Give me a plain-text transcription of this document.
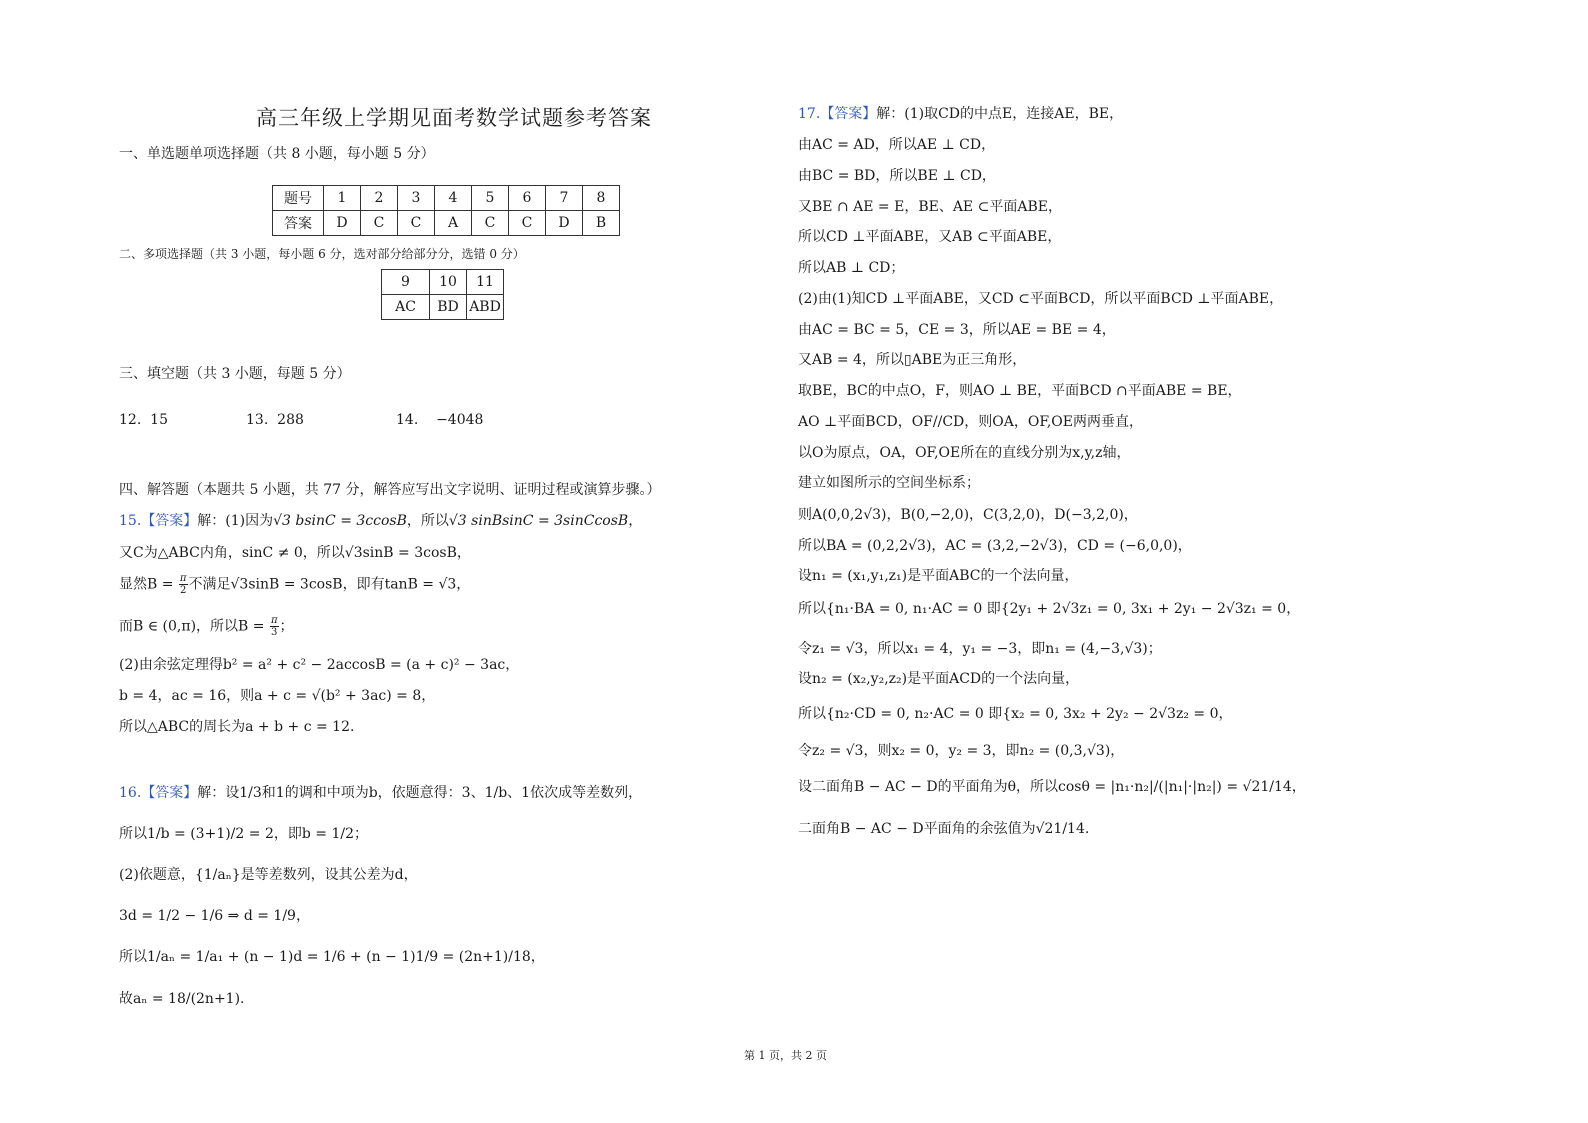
高三年级上学期见面考数学试题参考答案
一、单选题单项选择题（共 8 小题，每小题 5 分）
题号	1	2	3	4	5	6	7	8
答案	D	C	C	A	C	C	D	B
二、多项选择题（共 3 小题，每小题 6 分，选对部分给部分分，选错 0 分）
9	10	11
AC	BD	ABD
三、填空题（共 3 小题，每题 5 分）
12. 15	13. 288	14. −4048
四、解答题（本题共 5 小题，共 77 分，解答应写出文字说明、证明过程或演算步骤。）
15.【答案】解：(1)因为√3 bsinC = 3ccosB，所以√3 sinBsinC = 3sinCcosB，
又C为△ABC内角，sinC ≠ 0，所以√3sinB = 3cosB，
显然$B = \frac{\pi}{2}$ 不满足√3sinB = 3cosB，即有tanB = √3，
而B ∈ (0,π)，所以$B = \frac{\pi}{3}$ ；
(2)由余弦定理得b² = a² + c² − 2accosB = (a + c)² − 3ac，
b = 4，ac = 16，则a + c = √(b² + 3ac) = 8，
所以△ABC的周长为a + b + c = 12.
16.【答案】解：设1/3和1的调和中项为b，依题意得：3、1/b、1依次成等差数列，
所以1/b = (3+1)/2 = 2，即b = 1/2；
(2)依题意，{1/aₙ}是等差数列，设其公差为d，
3d = 1/2 − 1/6 ⇒ d = 1/9，
所以1/aₙ = 1/a₁ + (n − 1)d = 1/6 + (n − 1)1/9 = (2n+1)/18，
故aₙ = 18/(2n+1).
17.【答案】解：(1)取CD的中点E，连接AE，BE，
由AC = AD，所以AE ⊥ CD，
由BC = BD，所以BE ⊥ CD，
又BE ∩ AE = E，BE、AE ⊂平面ABE，
所以CD ⊥平面ABE，又AB ⊂平面ABE，
所以AB ⊥ CD；
(2)由(1)知CD ⊥平面ABE，又CD ⊂平面BCD，所以平面BCD ⊥平面ABE，
由AC = BC = 5，CE = 3，所以AE = BE = 4，
又AB = 4，所以▯ABE为正三角形，
取BE，BC的中点O，F，则AO ⊥ BE，平面BCD ∩平面ABE = BE，
AO ⊥平面BCD，OF//CD，则OA，OF,OE两两垂直，
以O为原点，OA，OF,OE所在的直线分别为x,y,z轴，
建立如图所示的空间坐标系；
则A(0,0,2√3)，B(0,−2,0)，C(3,2,0)，D(−3,2,0)，
所以BA = (0,2,2√3)，AC = (3,2,−2√3)，CD = (−6,0,0)，
设n₁ = (x₁,y₁,z₁)是平面ABC的一个法向量，
所以{n₁·BA = 0, n₁·AC = 0 即{2y₁ + 2√3z₁ = 0, 3x₁ + 2y₁ − 2√3z₁ = 0，
令z₁ = √3，所以x₁ = 4，y₁ = −3，即n₁ = (4,−3,√3)；
设n₂ = (x₂,y₂,z₂)是平面ACD的一个法向量，
所以{n₂·CD = 0, n₂·AC = 0 即{x₂ = 0, 3x₂ + 2y₂ − 2√3z₂ = 0，
令z₂ = √3，则x₂ = 0，y₂ = 3，即n₂ = (0,3,√3)，
设二面角B − AC − D的平面角为θ，所以cosθ = |n₁·n₂|/(|n₁|·|n₂|) = √21/14，
二面角B − AC − D平面角的余弦值为√21/14.
第 1 页，共 2 页
